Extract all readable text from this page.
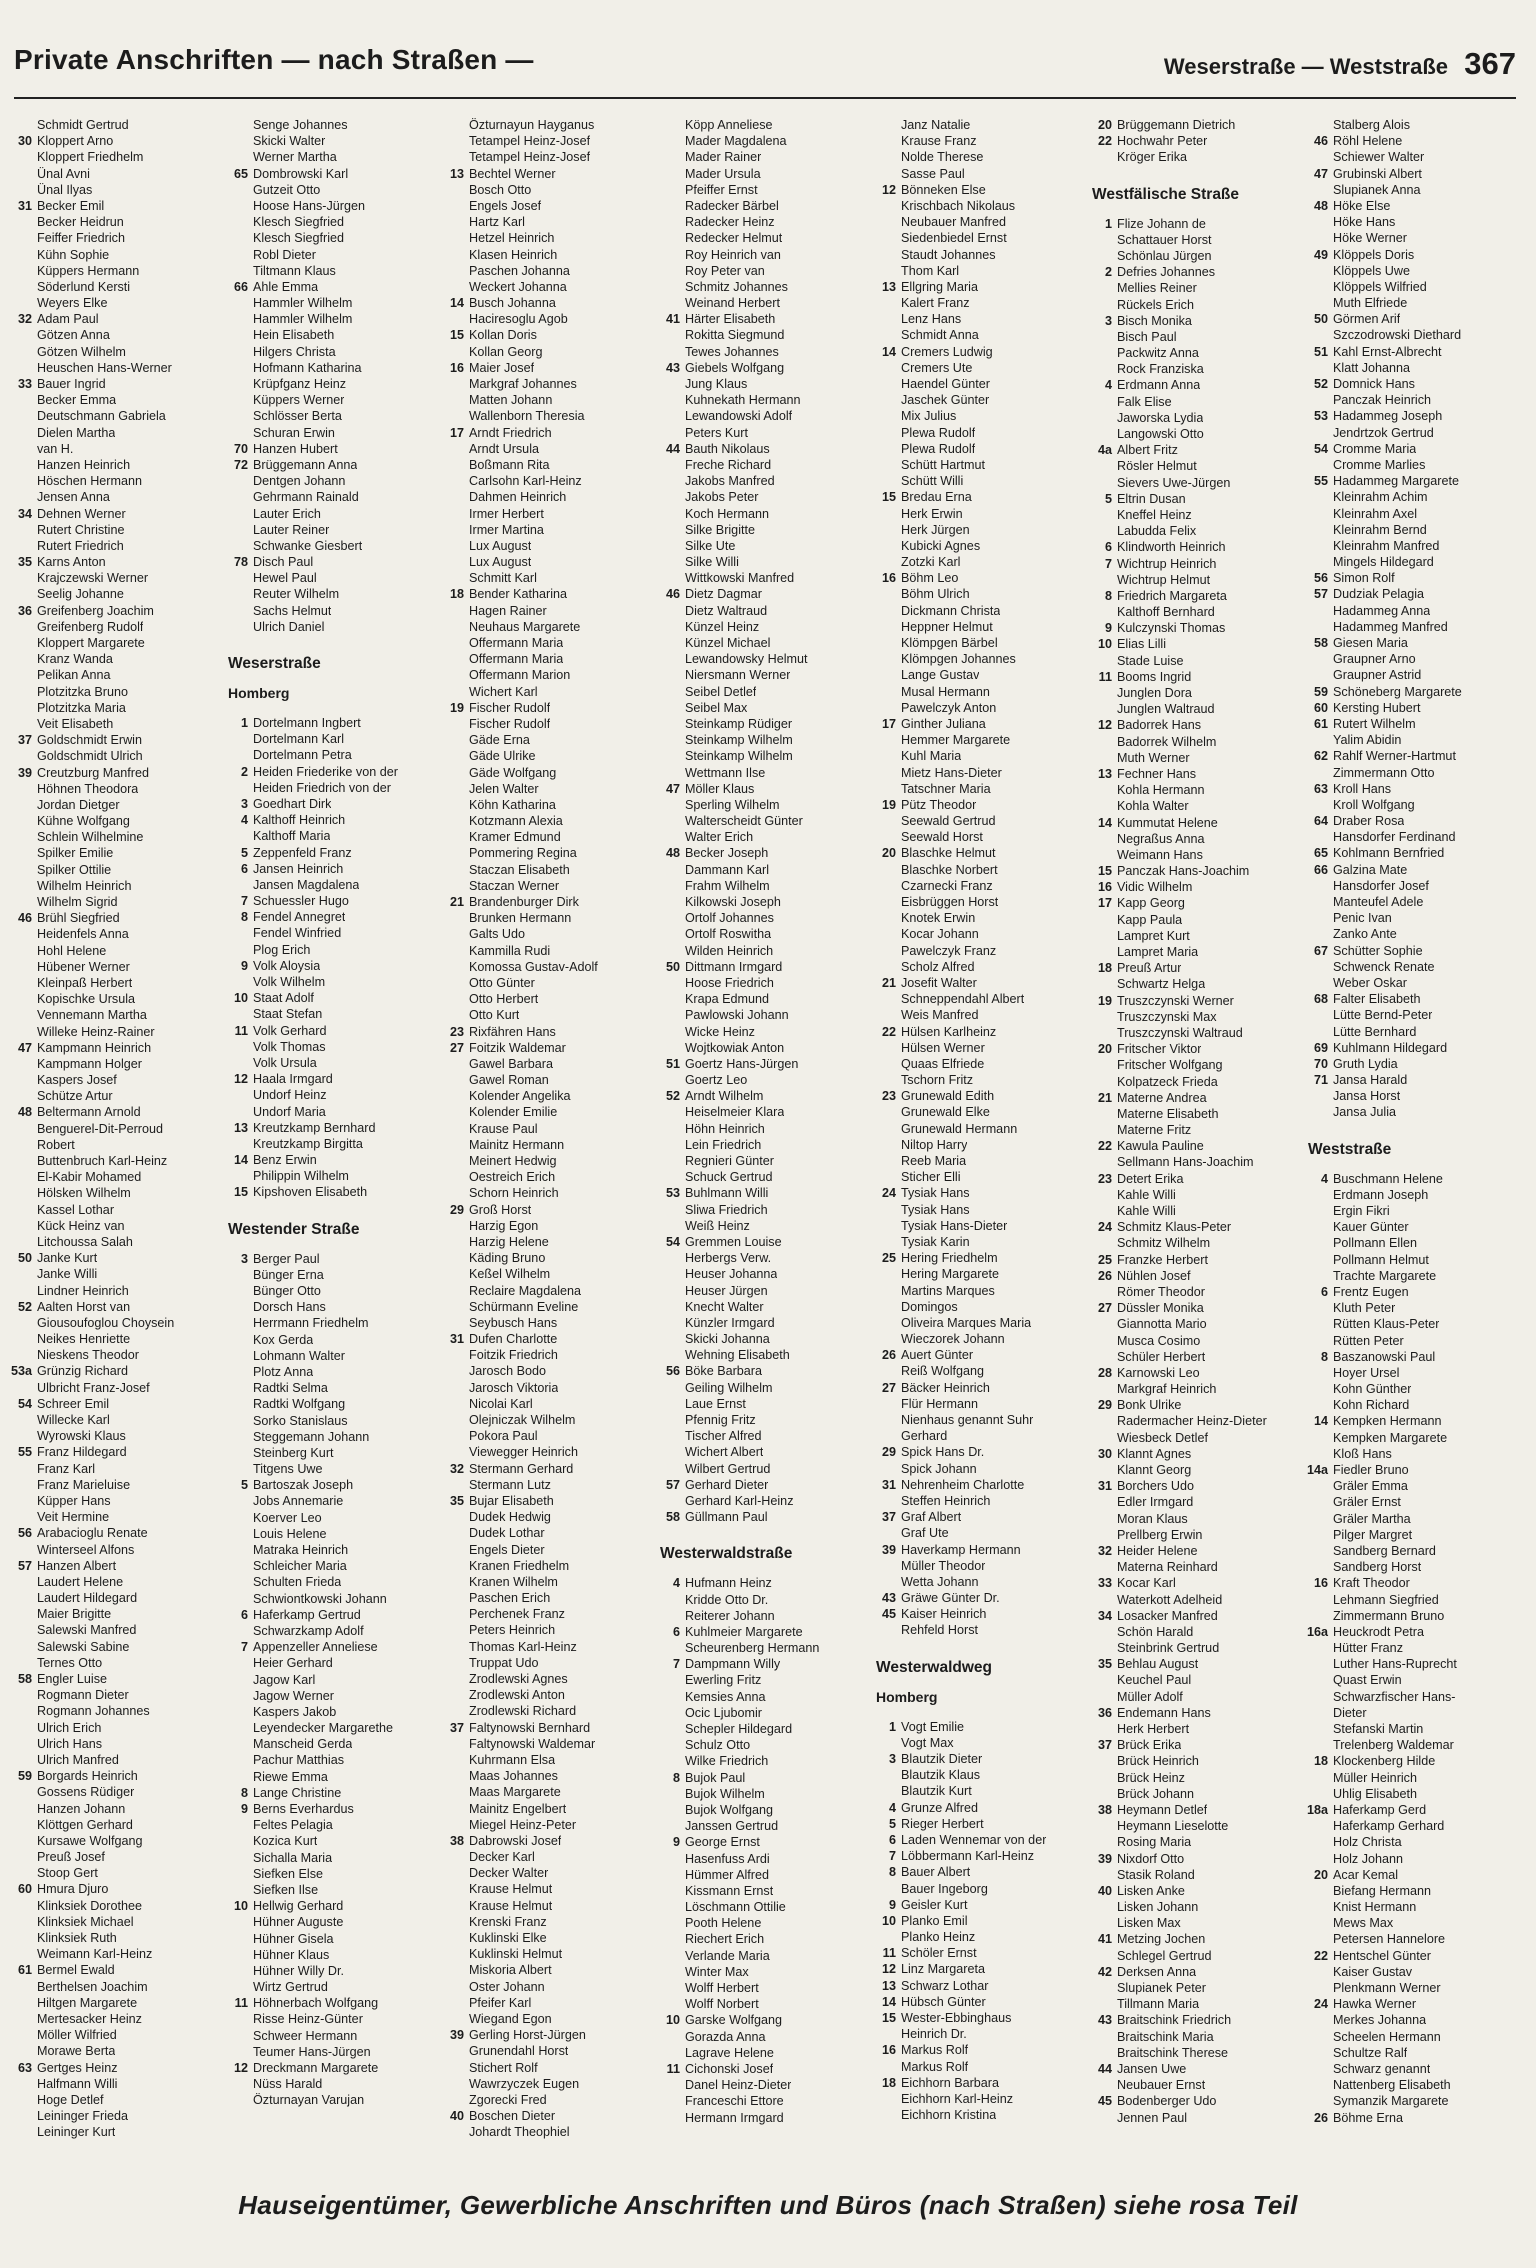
Private Anschriften — nach Straßen —	Weserstraße — Weststraße 367
Schmidt Gertrud
30 Kloppert Arno
Kloppert Friedhelm
Ünal Avni
Ünal Ilyas
31 Becker Emil
Becker Heidrun
Feiffer Friedrich
Kühn Sophie
Küppers Hermann
Söderlund Kersti
Weyers Elke
32 Adam Paul
Götzen Anna
Götzen Wilhelm
Heuschen Hans-Werner
33 Bauer Ingrid
Becker Emma
Deutschmann Gabriela
Dielen Martha
van H.
Hanzen Heinrich
Höschen Hermann
Jensen Anna
34 Dehnen Werner
Rutert Christine
Rutert Friedrich
35 Karns Anton
Krajczewski Werner
Seelig Johanne
36 Greifenberg Joachim
Greifenberg Rudolf
Kloppert Margarete
Kranz Wanda
Pelikan Anna
Plotzitzka Bruno
Plotzitzka Maria
Veit Elisabeth
37 Goldschmidt Erwin
Goldschmidt Ulrich
39 Creutzburg Manfred
Höhnen Theodora
Jordan Dietger
Kühne Wolfgang
Schlein Wilhelmine
Spilker Emilie
Spilker Ottilie
Wilhelm Heinrich
Wilhelm Sigrid
46 Brühl Siegfried
Heidenfels Anna
Hohl Helene
Hübener Werner
Kleinpaß Herbert
Kopischke Ursula
Vennemann Martha
Willeke Heinz-Rainer
47 Kampmann Heinrich
Kampmann Holger
Kaspers Josef
Schütze Artur
48 Beltermann Arnold
Benguerel-Dit-Perroud
Robert
Buttenbruch Karl-Heinz
El-Kabir Mohamed
Hölsken Wilhelm
Kassel Lothar
Kück Heinz van
Litchoussa Salah
50 Janke Kurt
Janke Willi
Lindner Heinrich
52 Aalten Horst van
Giousoufoglou Choysein
Neikes Henriette
Nieskens Theodor
53a Grünzig Richard
Ulbricht Franz-Josef
54 Schreer Emil
Willecke Karl
Wyrowski Klaus
55 Franz Hildegard
Franz Karl
Franz Marieluise
Küpper Hans
Veit Hermine
56 Arabacioglu Renate
Winterseel Alfons
57 Hanzen Albert
Laudert Helene
Laudert Hildegard
Maier Brigitte
Salewski Manfred
Salewski Sabine
Ternes Otto
58 Engler Luise
Rogmann Dieter
Rogmann Johannes
Ulrich Erich
Ulrich Hans
Ulrich Manfred
59 Borgards Heinrich
Gossens Rüdiger
Hanzen Johann
Klöttgen Gerhard
Kursawe Wolfgang
Preuß Josef
Stoop Gert
60 Hmura Djuro
Klinksiek Dorothee
Klinksiek Michael
Klinksiek Ruth
Weimann Karl-Heinz
61 Bermel Ewald
Berthelsen Joachim
Hiltgen Margarete
Mertesacker Heinz
Möller Wilfried
Morawe Berta
63 Gertges Heinz
Halfmann Willi
Hoge Detlef
Leininger Frieda
Leininger Kurt
Senge Johannes
Skicki Walter
Werner Martha
65 Dombrowski Karl
Gutzeit Otto
Hoose Hans-Jürgen
Klesch Siegfried
Klesch Siegfried
Robl Dieter
Tiltmann Klaus
66 Ahle Emma
Hammler Wilhelm
Hammler Wilhelm
Hein Elisabeth
Hilgers Christa
Hofmann Katharina
Krüpfganz Heinz
Küppers Werner
Schlösser Berta
Schuran Erwin
70 Hanzen Hubert
72 Brüggemann Anna
Dentgen Johann
Gehrmann Rainald
Lauter Erich
Lauter Reiner
Schwanke Giesbert
78 Disch Paul
Hewel Paul
Reuter Wilhelm
Sachs Helmut
Ulrich Daniel
Weserstraße
Homberg
1 Dortelmann Ingbert
Dortelmann Karl
Dortelmann Petra
2 Heiden Friederike von der
Heiden Friedrich von der
3 Goedhart Dirk
4 Kalthoff Heinrich
Kalthoff Maria
5 Zeppenfeld Franz
6 Jansen Heinrich
Jansen Magdalena
7 Schuessler Hugo
8 Fendel Annegret
Fendel Winfried
Plog Erich
9 Volk Aloysia
Volk Wilhelm
10 Staat Adolf
Staat Stefan
11 Volk Gerhard
Volk Thomas
Volk Ursula
12 Haala Irmgard
Undorf Heinz
Undorf Maria
13 Kreutzkamp Bernhard
Kreutzkamp Birgitta
14 Benz Erwin
Philippin Wilhelm
15 Kipshoven Elisabeth
Westender Straße
3 Berger Paul
Bünger Erna
Bünger Otto
Dorsch Hans
Herrmann Friedhelm
Kox Gerda
Lohmann Walter
Plotz Anna
Radtki Selma
Radtki Wolfgang
Sorko Stanislaus
Steggemann Johann
Steinberg Kurt
Titgens Uwe
5 Bartoszak Joseph
Jobs Annemarie
Koerver Leo
Louis Helene
Matraka Heinrich
Schleicher Maria
Schulten Frieda
Schwiontkowski Johann
6 Haferkamp Gertrud
Schwarzkamp Adolf
7 Appenzeller Anneliese
Heier Gerhard
Jagow Karl
Jagow Werner
Kaspers Jakob
Leyendecker Margarethe
Manscheid Gerda
Pachur Matthias
Riewe Emma
8 Lange Christine
9 Berns Everhardus
Feltes Pelagia
Kozica Kurt
Sichalla Maria
Siefken Else
Siefken Ilse
10 Hellwig Gerhard
Hühner Auguste
Hühner Gisela
Hühner Klaus
Hühner Willy Dr.
Wirtz Gertrud
11 Höhnerbach Wolfgang
Risse Heinz-Günter
Schweer Hermann
Teumer Hans-Jürgen
12 Dreckmann Margarete
Nüss Harald
Özturnayan Varujan
Özturnayun Hayganus
Tetampel Heinz-Josef
Tetampel Heinz-Josef
13 Bechtel Werner
Bosch Otto
Engels Josef
Hartz Karl
Hetzel Heinrich
Klasen Heinrich
Paschen Johanna
Weckert Johanna
14 Busch Johanna
Haciresoglu Agob
15 Kollan Doris
Kollan Georg
16 Maier Josef
Markgraf Johannes
Matten Johann
Wallenborn Theresia
17 Arndt Friedrich
Arndt Ursula
Boßmann Rita
Carlsohn Karl-Heinz
Dahmen Heinrich
Irmer Herbert
Irmer Martina
Lux August
Lux August
Schmitt Karl
18 Bender Katharina
Hagen Rainer
Neuhaus Margarete
Offermann Maria
Offermann Maria
Offermann Marion
Wichert Karl
19 Fischer Rudolf
Fischer Rudolf
Gäde Erna
Gäde Ulrike
Gäde Wolfgang
Jelen Walter
Köhn Katharina
Kotzmann Alexia
Kramer Edmund
Pommering Regina
Staczan Elisabeth
Staczan Werner
21 Brandenburger Dirk
Brunken Hermann
Galts Udo
Kammilla Rudi
Komossa Gustav-Adolf
Otto Günter
Otto Herbert
Otto Kurt
23 Rixfähren Hans
27 Foitzik Waldemar
Gawel Barbara
Gawel Roman
Kolender Angelika
Kolender Emilie
Krause Paul
Mainitz Hermann
Meinert Hedwig
Oestreich Erich
Schorn Heinrich
29 Groß Horst
Harzig Egon
Harzig Helene
Käding Bruno
Keßel Wilhelm
Reclaire Magdalena
Schürmann Eveline
Seybusch Hans
31 Dufen Charlotte
Foitzik Friedrich
Jarosch Bodo
Jarosch Viktoria
Nicolai Karl
Olejniczak Wilhelm
Pokora Paul
Viewegger Heinrich
32 Stermann Gerhard
Stermann Lutz
35 Bujar Elisabeth
Dudek Hedwig
Dudek Lothar
Engels Dieter
Kranen Friedhelm
Kranen Wilhelm
Paschen Erich
Perchenek Franz
Peters Heinrich
Thomas Karl-Heinz
Truppat Udo
Zrodlewski Agnes
Zrodlewski Anton
Zrodlewski Richard
37 Faltynowski Bernhard
Faltynowski Waldemar
Kuhrmann Elsa
Maas Johannes
Maas Margarete
Mainitz Engelbert
Miegel Heinz-Peter
38 Dabrowski Josef
Decker Karl
Decker Walter
Krause Helmut
Krause Helmut
Krenski Franz
Kuklinski Elke
Kuklinski Helmut
Miskoria Albert
Oster Johann
Pfeifer Karl
Wiegand Egon
39 Gerling Horst-Jürgen
Grunendahl Horst
Stichert Rolf
Wawrzyczek Eugen
Zgorecki Fred
40 Boschen Dieter
Johardt Theophiel
Köpp Anneliese
Mader Magdalena
Mader Rainer
Mader Ursula
Pfeiffer Ernst
Radecker Bärbel
Radecker Heinz
Redecker Helmut
Roy Heinrich van
Roy Peter van
Schmitz Johannes
Weinand Herbert
41 Härter Elisabeth
Rokitta Siegmund
Tewes Johannes
43 Giebels Wolfgang
Jung Klaus
Kuhnekath Hermann
Lewandowski Adolf
Peters Kurt
44 Bauth Nikolaus
Freche Richard
Jakobs Manfred
Jakobs Peter
Koch Hermann
Silke Brigitte
Silke Ute
Silke Willi
Wittkowski Manfred
46 Dietz Dagmar
Dietz Waltraud
Künzel Heinz
Künzel Michael
Lewandowsky Helmut
Niersmann Werner
Seibel Detlef
Seibel Max
Steinkamp Rüdiger
Steinkamp Wilhelm
Steinkamp Wilhelm
Wettmann Ilse
47 Möller Klaus
Sperling Wilhelm
Walterscheidt Günter
Walter Erich
48 Becker Joseph
Dammann Karl
Frahm Wilhelm
Kilkowski Joseph
Ortolf Johannes
Ortolf Roswitha
Wilden Heinrich
50 Dittmann Irmgard
Hoose Friedrich
Krapa Edmund
Pawlowski Johann
Wicke Heinz
Wojtkowiak Anton
51 Goertz Hans-Jürgen
Goertz Leo
52 Arndt Wilhelm
Heiselmeier Klara
Höhn Heinrich
Lein Friedrich
Regnieri Günter
Schuck Gertrud
53 Buhlmann Willi
Sliwa Friedrich
Weiß Heinz
54 Gremmen Louise
Herbergs Verw.
Heuser Johanna
Heuser Jürgen
Knecht Walter
Künzler Irmgard
Skicki Johanna
Wehning Elisabeth
56 Böke Barbara
Geiling Wilhelm
Laue Ernst
Pfennig Fritz
Tischer Alfred
Wichert Albert
Wilbert Gertrud
57 Gerhard Dieter
Gerhard Karl-Heinz
58 Güllmann Paul
Westerwaldstraße
4 Hufmann Heinz
Kridde Otto Dr.
Reiterer Johann
6 Kuhlmeier Margarete
Scheurenberg Hermann
7 Dampmann Willy
Ewerling Fritz
Kemsies Anna
Ocic Ljubomir
Schepler Hildegard
Schulz Otto
Wilke Friedrich
8 Bujok Paul
Bujok Wilhelm
Bujok Wolfgang
Janssen Gertrud
9 George Ernst
Hasenfuss Ardi
Hümmer Alfred
Kissmann Ernst
Löschmann Ottilie
Pooth Helene
Riechert Erich
Verlande Maria
Winter Max
Wolff Herbert
Wolff Norbert
10 Garske Wolfgang
Gorazda Anna
Lagrave Helene
11 Cichonski Josef
Danel Heinz-Dieter
Franceschi Ettore
Hermann Irmgard
Janz Natalie
Krause Franz
Nolde Therese
Sasse Paul
12 Bönneken Else
Krischbach Nikolaus
Neubauer Manfred
Siedenbiedel Ernst
Staudt Johannes
Thom Karl
13 Ellgring Maria
Kalert Franz
Lenz Hans
Schmidt Anna
14 Cremers Ludwig
Cremers Ute
Haendel Günter
Jaschek Günter
Mix Julius
Plewa Rudolf
Plewa Rudolf
Schütt Hartmut
Schütt Willi
15 Bredau Erna
Herk Erwin
Herk Jürgen
Kubicki Agnes
Zotzki Karl
16 Böhm Leo
Böhm Ulrich
Dickmann Christa
Heppner Helmut
Klömpgen Bärbel
Klömpgen Johannes
Lange Gustav
Musal Hermann
Pawelczyk Anton
17 Ginther Juliana
Hemmer Margarete
Kuhl Maria
Mietz Hans-Dieter
Tatschner Maria
19 Pütz Theodor
Seewald Gertrud
Seewald Horst
20 Blaschke Helmut
Blaschke Norbert
Czarnecki Franz
Eisbrüggen Horst
Knotek Erwin
Kocar Johann
Pawelczyk Franz
Scholz Alfred
21 Josefit Walter
Schneppendahl Albert
Weis Manfred
22 Hülsen Karlheinz
Hülsen Werner
Quaas Elfriede
Tschorn Fritz
23 Grunewald Edith
Grunewald Elke
Grunewald Hermann
Niltop Harry
Reeb Maria
Sticher Elli
24 Tysiak Hans
Tysiak Hans
Tysiak Hans-Dieter
Tysiak Karin
25 Hering Friedhelm
Hering Margarete
Martins Marques
Domingos
Oliveira Marques Maria
Wieczorek Johann
26 Auert Günter
Reiß Wolfgang
27 Bäcker Heinrich
Flür Hermann
Nienhaus genannt Suhr
Gerhard
29 Spick Hans Dr.
Spick Johann
31 Nehrenheim Charlotte
Steffen Heinrich
37 Graf Albert
Graf Ute
39 Haverkamp Hermann
Müller Theodor
Wetta Johann
43 Gräwe Günter Dr.
45 Kaiser Heinrich
Rehfeld Horst
Westerwaldweg
Homberg
1 Vogt Emilie
Vogt Max
3 Blautzik Dieter
Blautzik Klaus
Blautzik Kurt
4 Grunze Alfred
5 Rieger Herbert
6 Laden Wennemar von der
7 Löbbermann Karl-Heinz
8 Bauer Albert
Bauer Ingeborg
9 Geisler Kurt
10 Planko Emil
Planko Heinz
11 Schöler Ernst
12 Linz Margareta
13 Schwarz Lothar
14 Hübsch Günter
15 Wester-Ebbinghaus
Heinrich Dr.
16 Markus Rolf
Markus Rolf
18 Eichhorn Barbara
Eichhorn Karl-Heinz
Eichhorn Kristina
20 Brüggemann Dietrich
22 Hochwahr Peter
Kröger Erika
Westfälische Straße
1 Flize Johann de
Schattauer Horst
Schönlau Jürgen
2 Defries Johannes
Mellies Reiner
Rückels Erich
3 Bisch Monika
Bisch Paul
Packwitz Anna
Rock Franziska
4 Erdmann Anna
Falk Elise
Jaworska Lydia
Langowski Otto
4a Albert Fritz
Rösler Helmut
Sievers Uwe-Jürgen
5 Eltrin Dusan
Kneffel Heinz
Labudda Felix
6 Klindworth Heinrich
7 Wichtrup Heinrich
Wichtrup Helmut
8 Friedrich Margareta
Kalthoff Bernhard
9 Kulczynski Thomas
10 Elias Lilli
Stade Luise
11 Booms Ingrid
Junglen Dora
Junglen Waltraud
12 Badorrek Hans
Badorrek Wilhelm
Muth Werner
13 Fechner Hans
Kohla Hermann
Kohla Walter
14 Kummutat Helene
Negraßus Anna
Weimann Hans
15 Panczak Hans-Joachim
16 Vidic Wilhelm
17 Kapp Georg
Kapp Paula
Lampret Kurt
Lampret Maria
18 Preuß Artur
Schwartz Helga
19 Truszczynski Werner
Truszczynski Max
Truszczynski Waltraud
20 Fritscher Viktor
Fritscher Wolfgang
Kolpatzeck Frieda
21 Materne Andrea
Materne Elisabeth
Materne Fritz
22 Kawula Pauline
Sellmann Hans-Joachim
23 Detert Erika
Kahle Willi
Kahle Willi
24 Schmitz Klaus-Peter
Schmitz Wilhelm
25 Franzke Herbert
26 Nühlen Josef
Römer Theodor
27 Düssler Monika
Giannotta Mario
Musca Cosimo
Schüler Herbert
28 Karnowski Leo
Markgraf Heinrich
29 Bonk Ulrike
Radermacher Heinz-Dieter
Wiesbeck Detlef
30 Klannt Agnes
Klannt Georg
31 Borchers Udo
Edler Irmgard
Moran Klaus
Prellberg Erwin
32 Heider Helene
Materna Reinhard
33 Kocar Karl
Waterkott Adelheid
34 Losacker Manfred
Schön Harald
Steinbrink Gertrud
35 Behlau August
Keuchel Paul
Müller Adolf
36 Endemann Hans
Herk Herbert
37 Brück Erika
Brück Heinrich
Brück Heinz
Brück Johann
38 Heymann Detlef
Heymann Lieselotte
Rosing Maria
39 Nixdorf Otto
Stasik Roland
40 Lisken Anke
Lisken Johann
Lisken Max
41 Metzing Jochen
Schlegel Gertrud
42 Derksen Anna
Slupianek Peter
Tillmann Maria
43 Braitschink Friedrich
Braitschink Maria
Braitschink Therese
44 Jansen Uwe
Neubauer Ernst
45 Bodenberger Udo
Jennen Paul
Stalberg Alois
46 Röhl Helene
Schiewer Walter
47 Grubinski Albert
Slupianek Anna
48 Höke Else
Höke Hans
Höke Werner
49 Klöppels Doris
Klöppels Uwe
Klöppels Wilfried
Muth Elfriede
50 Görmen Arif
Szczodrowski Diethard
51 Kahl Ernst-Albrecht
Klatt Johanna
52 Domnick Hans
Panczak Heinrich
53 Hadammeg Joseph
Jendrtzok Gertrud
54 Cromme Maria
Cromme Marlies
55 Hadammeg Margarete
Kleinrahm Achim
Kleinrahm Axel
Kleinrahm Bernd
Kleinrahm Manfred
Mingels Hildegard
56 Simon Rolf
57 Dudziak Pelagia
Hadammeg Anna
Hadammeg Manfred
58 Giesen Maria
Graupner Arno
Graupner Astrid
59 Schöneberg Margarete
60 Kersting Hubert
61 Rutert Wilhelm
Yalim Abidin
62 Rahlf Werner-Hartmut
Zimmermann Otto
63 Kroll Hans
Kroll Wolfgang
64 Draber Rosa
Hansdorfer Ferdinand
65 Kohlmann Bernfried
66 Galzina Mate
Hansdorfer Josef
Manteufel Adele
Penic Ivan
Zanko Ante
67 Schütter Sophie
Schwenck Renate
Weber Oskar
68 Falter Elisabeth
Lütte Bernd-Peter
Lütte Bernhard
69 Kuhlmann Hildegard
70 Gruth Lydia
71 Jansa Harald
Jansa Horst
Jansa Julia
Weststraße
4 Buschmann Helene
Erdmann Joseph
Ergin Fikri
Kauer Günter
Pollmann Ellen
Pollmann Helmut
Trachte Margarete
6 Frentz Eugen
Kluth Peter
Rütten Klaus-Peter
Rütten Peter
8 Baszanowski Paul
Hoyer Ursel
Kohn Günther
Kohn Richard
14 Kempken Hermann
Kempken Margarete
Kloß Hans
14a Fiedler Bruno
Gräler Emma
Gräler Ernst
Gräler Martha
Pilger Margret
Sandberg Bernard
Sandberg Horst
16 Kraft Theodor
Lehmann Siegfried
Zimmermann Bruno
16a Heuckrodt Petra
Hütter Franz
Luther Hans-Ruprecht
Quast Erwin
Schwarzfischer Hans-
Dieter
Stefanski Martin
Trelenberg Waldemar
18 Klockenberg Hilde
Müller Heinrich
Uhlig Elisabeth
18a Haferkamp Gerd
Haferkamp Gerhard
Holz Christa
Holz Johann
20 Acar Kemal
Biefang Hermann
Knist Hermann
Mews Max
Petersen Hannelore
22 Hentschel Günter
Kaiser Gustav
Plenkmann Werner
24 Hawka Werner
Merkes Johanna
Scheelen Hermann
Schultze Ralf
Schwarz genannt
Nattenberg Elisabeth
Symanzik Margarete
26 Böhme Erna
Hauseigentümer, Gewerbliche Anschriften und Büros (nach Straßen) siehe rosa Teil
